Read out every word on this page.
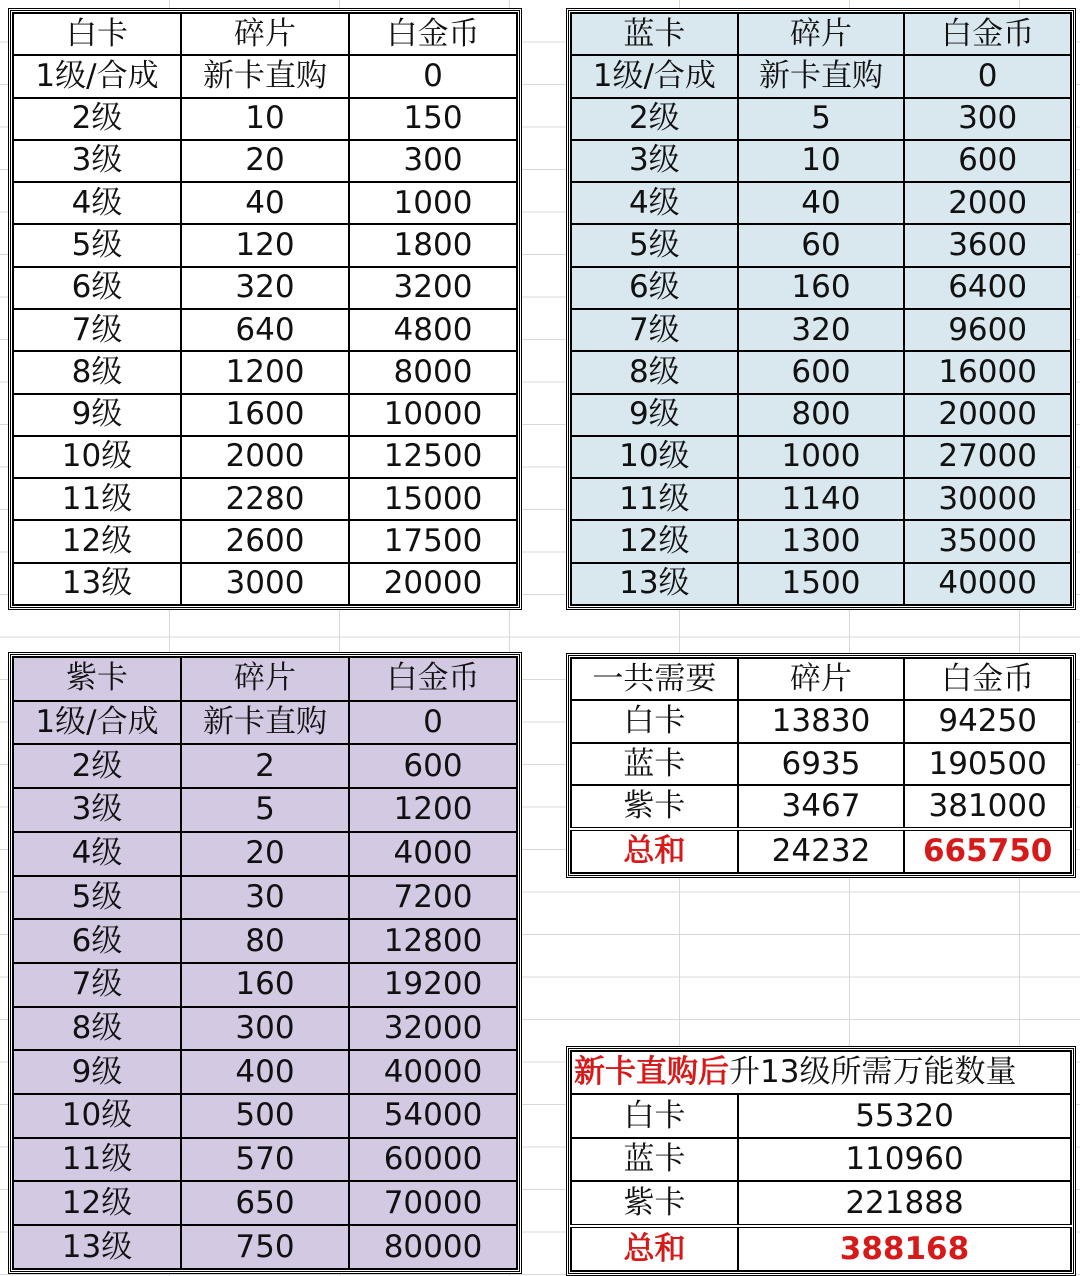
白卡	碎片	白金币
1级/合成	新卡直购	0
2级	10	150
3级	20	300
4级	40	1000
5级	120	1800
6级	320	3200
7级	640	4800
8级	1200	8000
9级	1600	10000
10级	2000	12500
11级	2280	15000
12级	2600	17500
13级	3000	20000
蓝卡	碎片	白金币
1级/合成	新卡直购	0
2级	5	300
3级	10	600
4级	40	2000
5级	60	3600
6级	160	6400
7级	320	9600
8级	600	16000
9级	800	20000
10级	1000	27000
11级	1140	30000
12级	1300	35000
13级	1500	40000
紫卡	碎片	白金币
1级/合成	新卡直购	0
2级	2	600
3级	5	1200
4级	20	4000
5级	30	7200
6级	80	12800
7级	160	19200
8级	300	32000
9级	400	40000
10级	500	54000
11级	570	60000
12级	650	70000
13级	750	80000
一共需要	碎片	白金币
白卡	13830	94250
蓝卡	6935	190500
紫卡	3467	381000
总和	24232	665750
新卡直购后升13级所需万能数量	
白卡	55320
蓝卡	110960
紫卡	221888
总和	388168
